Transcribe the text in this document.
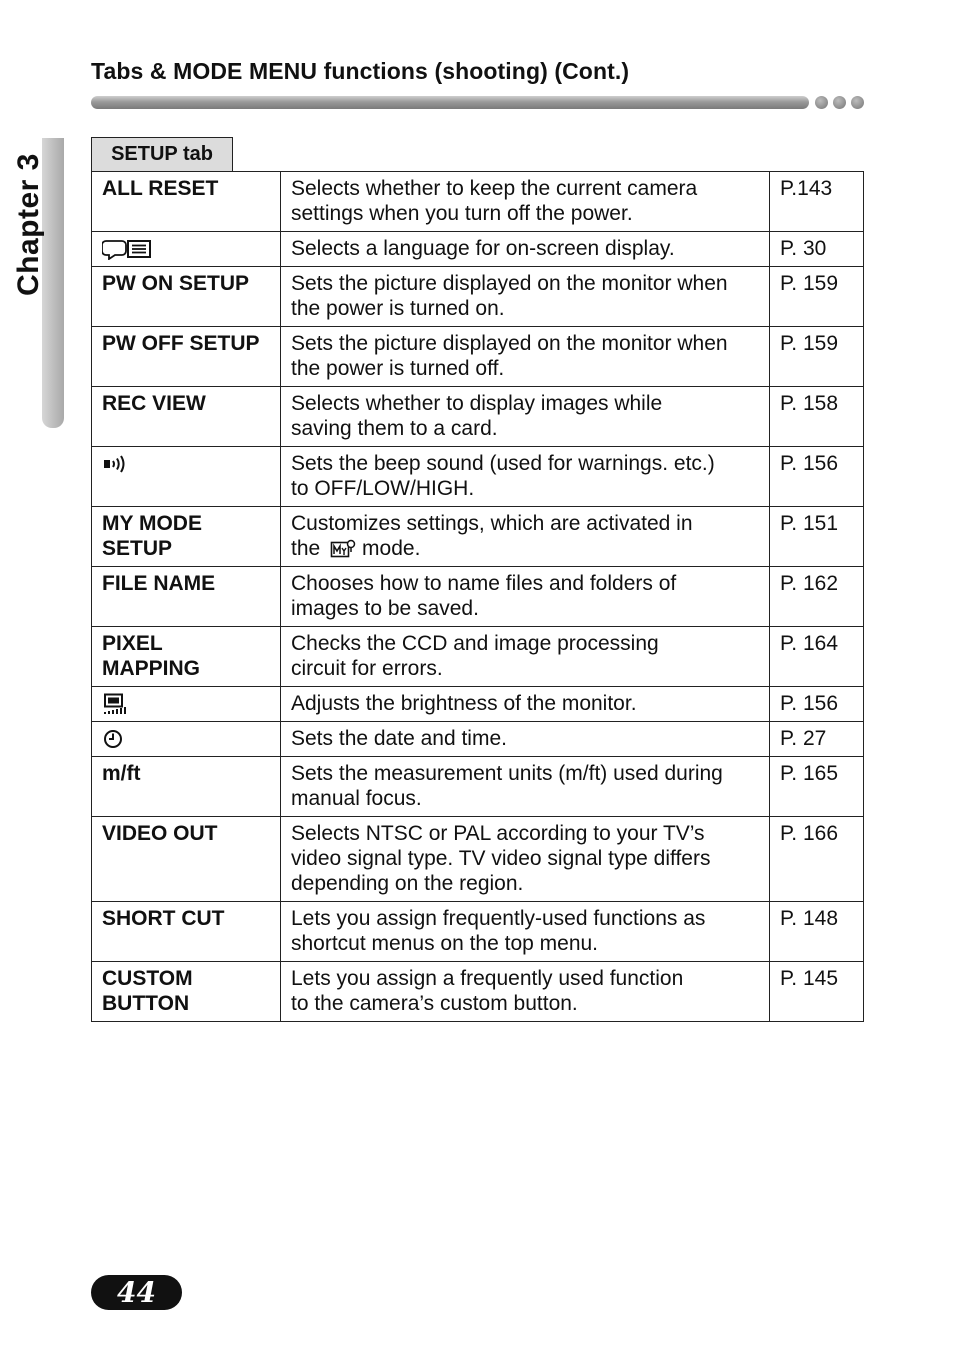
Tabs & MODE MENU functions (shooting) (Cont.)
Chapter 3	SETUP tab
ALL RESET	Selects whether to keep the current camera
settings when you turn off the power.	P.143

	Selects a language for on-screen display.	P. 30
PW ON SETUP	Sets the picture displayed on the monitor when
the power is turned on.	P. 159
PW OFF SETUP	Sets the picture displayed on the monitor when
the power is turned off.	P. 159
REC VIEW	Selects whether to display images while
saving them to a card.	P. 158

	Sets the beep sound (used for warnings. etc.)
to OFF/LOW/HIGH.	P. 156
MY MODE
SETUP	Customizes settings, which are activated in
the mode.	P. 151
FILE NAME	Chooses how to name files and folders of
images to be saved.	P. 162
PIXEL
MAPPING	Checks the CCD and image processing
circuit for errors.	P. 164

	Adjusts the brightness of the monitor.	P. 156

	Sets the date and time.	P. 27
m/ft	Sets the measurement units (m/ft) used during
manual focus.	P. 165
VIDEO OUT	Selects NTSC or PAL according to your TV’s
video signal type. TV video signal type differs
depending on the region.	P. 166
SHORT CUT	Lets you assign frequently-used functions as
shortcut menus on the top menu.	P. 148
CUSTOM
BUTTON	Lets you assign a frequently used function
to the camera’s custom button.	P. 145
44
